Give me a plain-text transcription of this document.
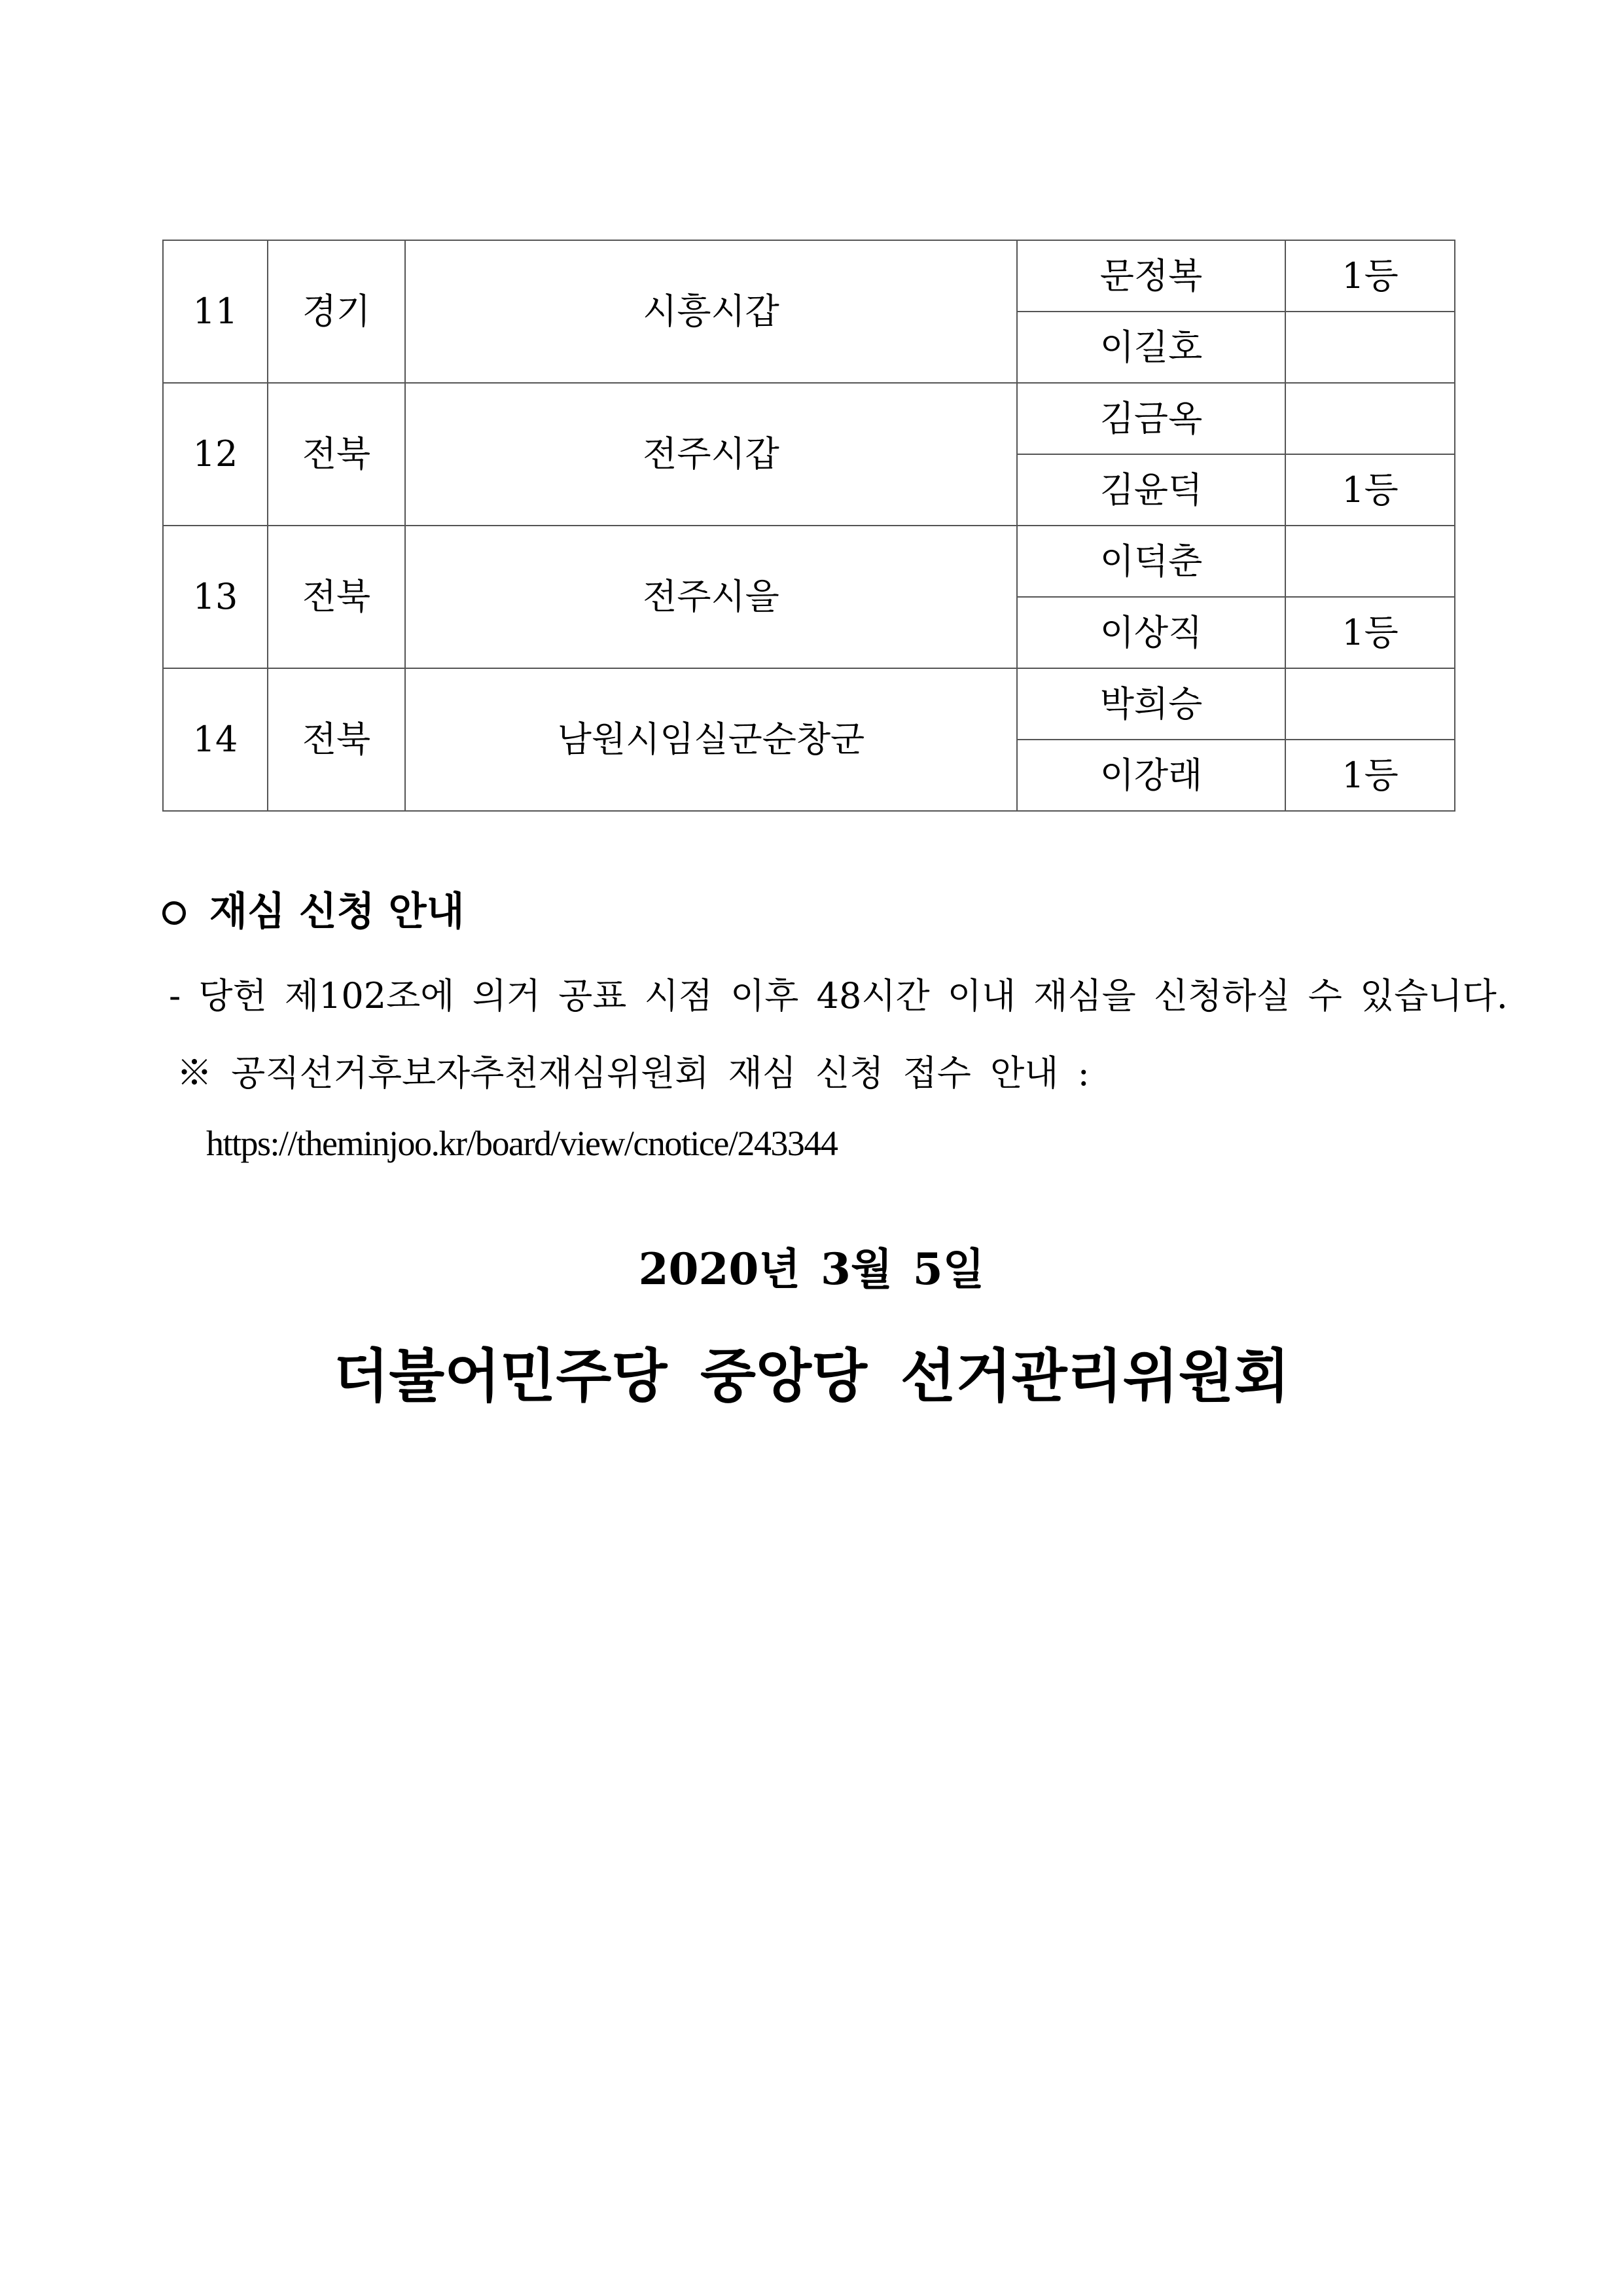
11	경기	시흥시갑	문정복	1등
			이길호	
12	전북	전주시갑	김금옥	
			김윤덕	1등
13	전북	전주시을	이덕춘	
			이상직	1등
14	전북	남원시임실군순창군	박희승	
			이강래	1등
재심 신청 안내
- 당헌 제102조에 의거 공표 시점 이후 48시간 이내 재심을 신청하실 수 있습니다.
※ 공직선거후보자추천재심위원회 재심 신청 접수 안내 :
https://theminjoo.kr/board/view/cnotice/243344
2020년 3월 5일
더불어민주당 중앙당 선거관리위원회
